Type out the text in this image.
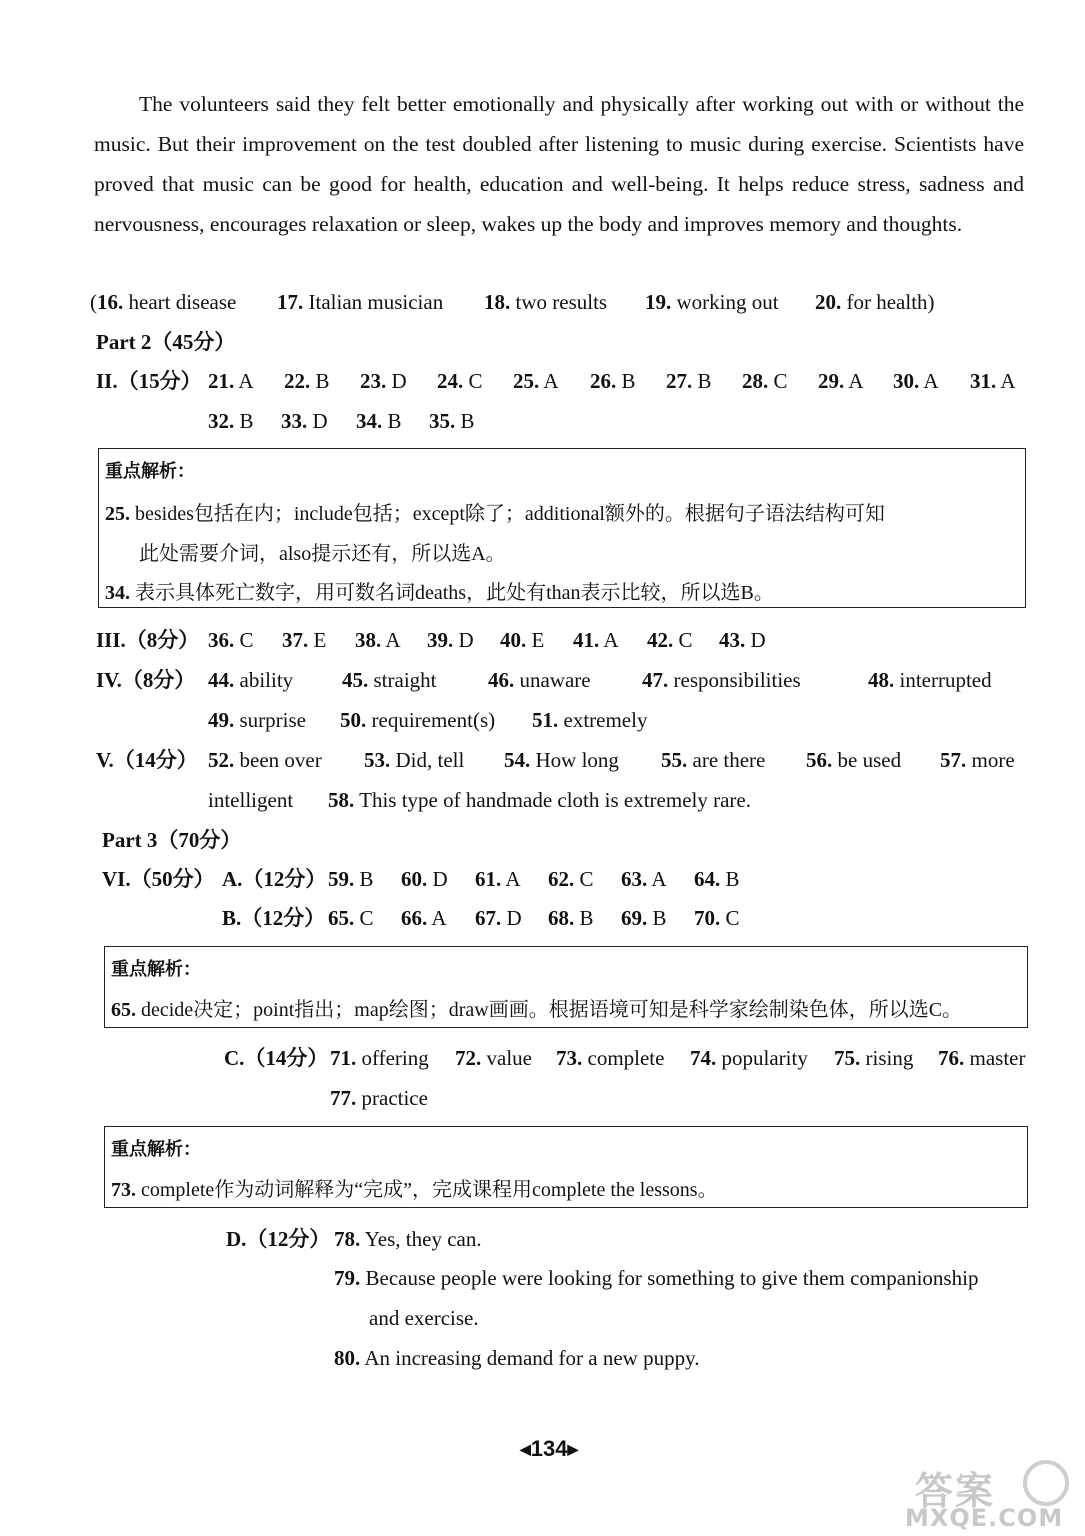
The volunteers said they felt better emotionally and physically after working out with or without the music. But their improvement on the test doubled after listening to music during exercise. Scientists have proved that music can be good for health, education and well-being. It helps reduce stress, sadness and nervousness, encourages relaxation or sleep, wakes up the body and improves memory and thoughts.
(16. heart disease 17. Italian musician 18. two results 19. working out 20. for health)
Part 2（45分）
II.（15分） 21. A 22. B 23. D 24. C 25. A 26. B 27. B 28. C 29. A 30. A 31. A
32. B 33. D 34. B 35. B
重点解析：
25. besides包括在内；include包括；except除了；additional额外的。根据句子语法结构可知
此处需要介词，also提示还有，所以选A。
34. 表示具体死亡数字，用可数名词deaths，此处有than表示比较，所以选B。
III.（8分） 36. C 37. E 38. A 39. D 40. E 41. A 42. C 43. D
IV.（8分） 44. ability 45. straight 46. unaware 47. responsibilities	48. interrupted
49. surprise 50. requirement(s) 51. extremely
V.（14分） 52. been over 53. Did, tell 54. How long 55. are there 56. be used 57. more
intelligent 58. This type of handmade cloth is extremely rare.
Part 3（70分）
VI.（50分） A.（12分） 59. B 60. D 61. A 62. C 63. A 64. B
B.（12分） 65. C 66. A 67. D 68. B 69. B 70. C
重点解析：
65. decide决定；point指出；map绘图；draw画画。根据语境可知是科学家绘制染色体，所以选C。
C.（14分） 71. offering 72. value 73. complete 74. popularity 75. rising 76. master
77. practice
重点解析：
73. complete作为动词解释为“完成”，完成课程用complete the lessons。
D.（12分） 78. Yes, they can.
79. Because people were looking for something to give them companionship
and exercise.
80. An increasing demand for a new puppy.
◀134▶
答案
MXQE.COM
